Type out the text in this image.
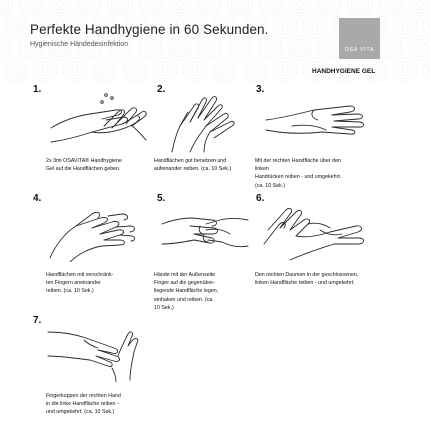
Perfekte Handhygiene in 60 Sekunden.
Hygienische Händedesinfektion
OSA VITA
HANDHYGIENE GEL
1.
2x 3ml OSAVITA® Handhygiene
Gel auf die Handflächen geben.
2.
Handflächen gut benetzen und
aufeinander reiben. (ca. 10 Sek.)
3.
Mit der rechten Handfläche über den linken
Handrücken reiben - und umgekehrt.
(ca. 10 Sek.)
4.
Handflächen mit verschränk-
ten Fingern aneinander
reiben. (ca. 10 Sek.)
5.
Hände mit der Außenseite
Finger auf die gegenüber-
liegende Handfläche legen,
einhaken und reiben. (ca.
10 Sek.)
6.
Den rechten Daumen in der geschlossenen,
linken Handfläche reiben - und umgekehrt.
7.
Fingerkuppen der rechten Hand
in die linke Handfläche reiben -
und umgekehrt. (ca. 10 Sek.)
